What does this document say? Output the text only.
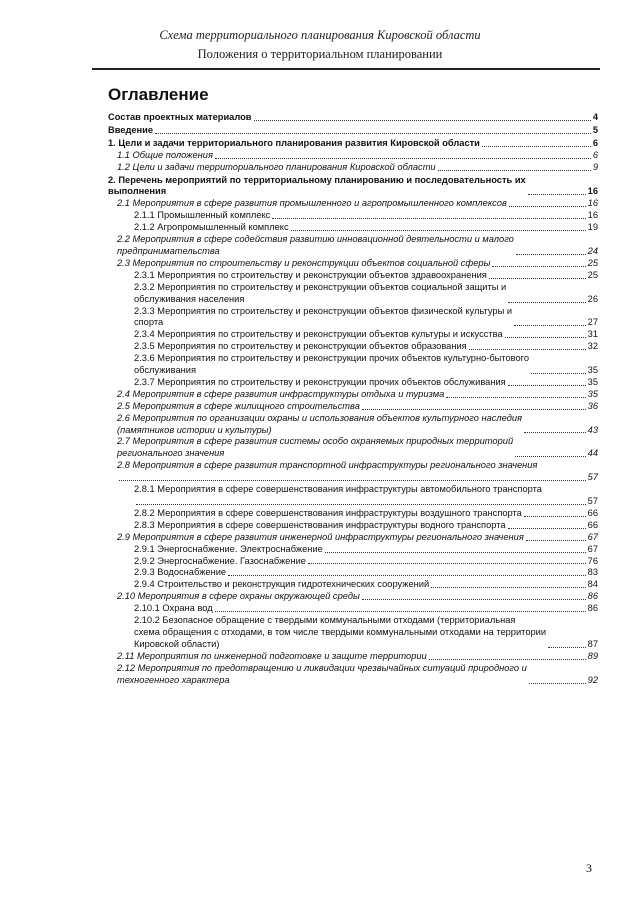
Схема территориального планирования Кировской области
Положения о территориальном планировании
Оглавление
Состав проектных материалов	4
Введение	5
1. Цели и задачи территориального планирования развития Кировской области	6
1.1 Общие положения	6
1.2 Цели и задачи территориального планирования Кировской области	9
2. Перечень мероприятий по территориальному планированию и последовательность их
выполнения	16
2.1 Мероприятия в сфере развития промышленного и агропромышленного комплексов	16
2.1.1 Промышленный комплекс	16
2.1.2 Агропромышленный комплекс	19
2.2 Мероприятия в сфере содействия развитию инновационной деятельности и малого
предпринимательства	24
2.3 Мероприятия по строительству и реконструкции объектов социальной сферы	25
2.3.1 Мероприятия по строительству и реконструкции объектов здравоохранения	25
2.3.2 Мероприятия по строительству и реконструкции объектов социальной защиты и
обслуживания населения	26
2.3.3 Мероприятия по строительству и реконструкции объектов физической культуры и
спорта	27
2.3.4 Мероприятия по строительству и реконструкции объектов культуры и искусства	31
2.3.5 Мероприятия по строительству и реконструкции объектов образования	32
2.3.6 Мероприятия по строительству и реконструкции прочих объектов культурно-бытового
обслуживания	35
2.3.7 Мероприятия по строительству и реконструкции прочих объектов обслуживания	35
2.4 Мероприятия в сфере развития инфраструктуры отдыха и туризма	35
2.5 Мероприятия в сфере жилищного строительства	36
2.6 Мероприятия по организации охраны и использования объектов культурного наследия
(памятников истории и культуры)	43
2.7 Мероприятия в сфере развития системы особо охраняемых природных территорий
регионального значения	44
2.8 Мероприятия в сфере развития транспортной инфраструктуры регионального значения
57
2.8.1 Мероприятия в сфере совершенствования инфраструктуры автомобильного транспорта
57
2.8.2 Мероприятия в сфере совершенствования инфраструктуры воздушного транспорта	66
2.8.3 Мероприятия в сфере совершенствования инфраструктуры водного транспорта	66
2.9 Мероприятия в сфере развития инженерной инфраструктуры регионального значения	67
2.9.1 Энергоснабжение. Электроснабжение	67
2.9.2 Энергоснабжение. Газоснабжение	76
2.9.3 Водоснабжение	83
2.9.4 Строительство и реконструкция гидротехнических сооружений	84
2.10 Мероприятия в сфере охраны окружающей среды	86
2.10.1 Охрана вод	86
2.10.2 Безопасное обращение с твердыми коммунальными отходами (территориальная
схема обращения с отходами, в том числе твердыми коммунальными отходами на территории
Кировской области)	87
2.11 Мероприятия по инженерной подготовке и защите территории	89
2.12 Мероприятия по предотвращению и ликвидации чрезвычайных ситуаций природного и
техногенного характера	92
3
